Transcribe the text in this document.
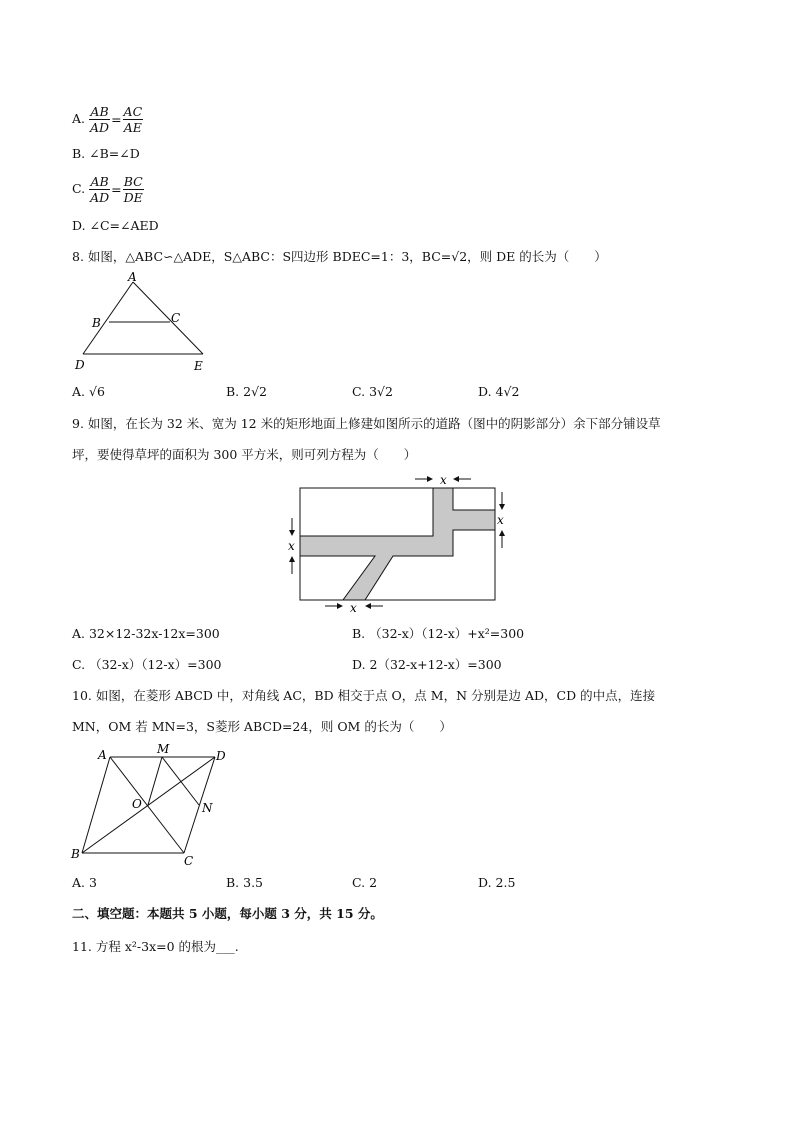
A. $\frac{AB}{AD} = \frac{AC}{AE}$
B. ∠B=∠D
C. $\frac{AB}{AD} = \frac{BC}{DE}$
D. ∠C=∠AED
8. 如图，△ABC∽△ADE，S△ABC：S四边形 BDEC=1：3，BC=√2，则 DE 的长为（　　）
A
B	C
D	E
A. √6	B. 2√2	C. 3√2	D. 4√2
9. 如图，在长为 32 米、宽为 12 米的矩形地面上修建如图所示的道路（图中的阴影部分）余下部分铺设草
坪，要使得草坪的面积为 300 平方米，则可列方程为（　　）
x
x
x
x
A. 32×12-32x-12x=300	B. （32-x）（12-x）+x²=300
C. （32-x）（12-x）=300	D. 2（32-x+12-x）=300
10. 如图，在菱形 ABCD 中，对角线 AC，BD 相交于点 O，点 M，N 分别是边 AD，CD 的中点，连接
MN，OM 若 MN=3，S菱形 ABCD=24，则 OM 的长为（　　）
A	M	D
O	N
B	C
A. 3	B. 3.5	C. 2	D. 2.5
二、填空题：本题共 5 小题，每小题 3 分，共 15 分。
11. 方程 x²-3x=0 的根为___.
